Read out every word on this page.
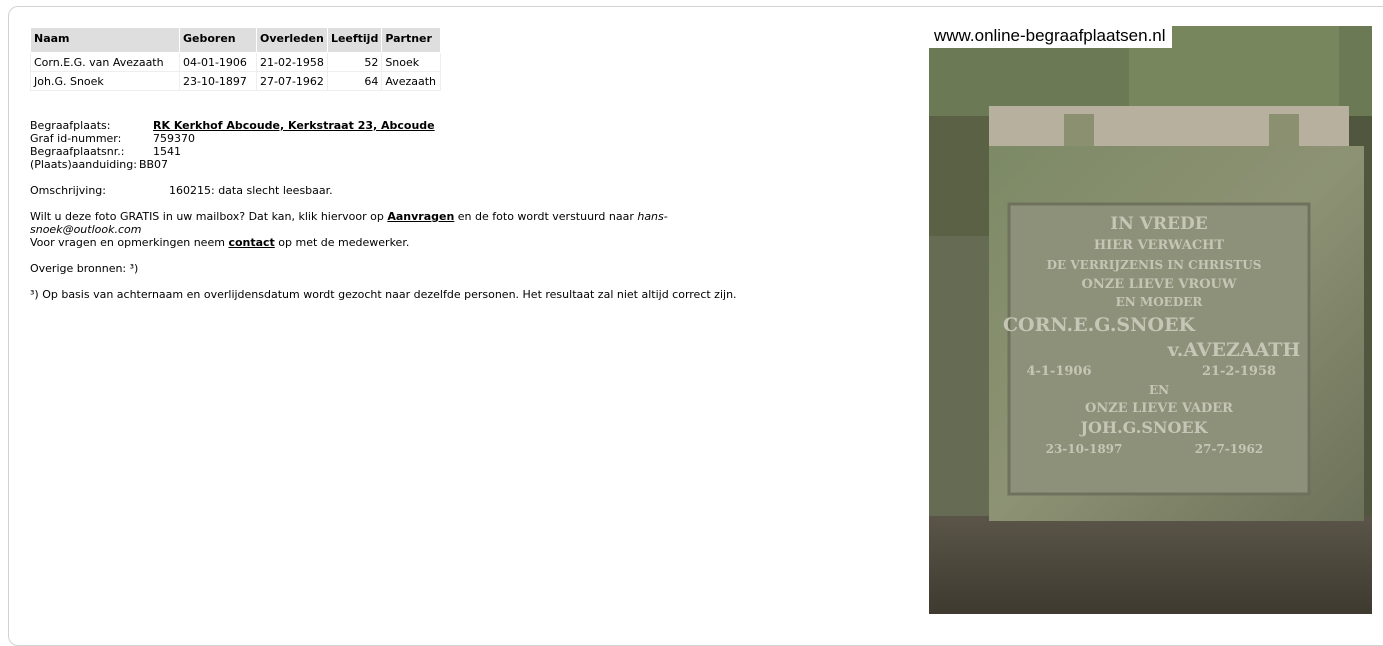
Naam	Geboren	Overleden	Leeftijd	Partner
Corn.E.G. van Avezaath	04-01-1906	21-02-1958	52	Snoek
Joh.G. Snoek	23-10-1897	27-07-1962	64	Avezaath
Begraafplaats:	RK Kerkhof Abcoude, Kerkstraat 23, Abcoude
Graf id-nummer:	759370
Begraafplaatsnr.:	1541
(Plaats)aanduiding: BB07
Omschrijving:	160215: data slecht leesbaar.

Wilt u deze foto GRATIS in uw mailbox? Dat kan, klik hiervoor op Aanvragen en de foto wordt verstuurd naar hans-snoek@outlook.com

Voor vragen en opmerkingen neem contact op met de medewerker.

Overige bronnen: ³)

³) Op basis van achternaam en overlijdensdatum wordt gezocht naar dezelfde personen. Het resultaat zal niet altijd correct zijn.

IN VREDE
HIER VERWACHT
DE VERRIJZENIS IN CHRISTUS
ONZE LIEVE VROUW
EN MOEDER
CORN.E.G.SNOEK
v.AVEZAATH
4-1-1906	21-2-1958
EN
ONZE LIEVE VADER
JOH.G.SNOEK
23-10-1897	27-7-1962
www.online-begraafplaatsen.nl
